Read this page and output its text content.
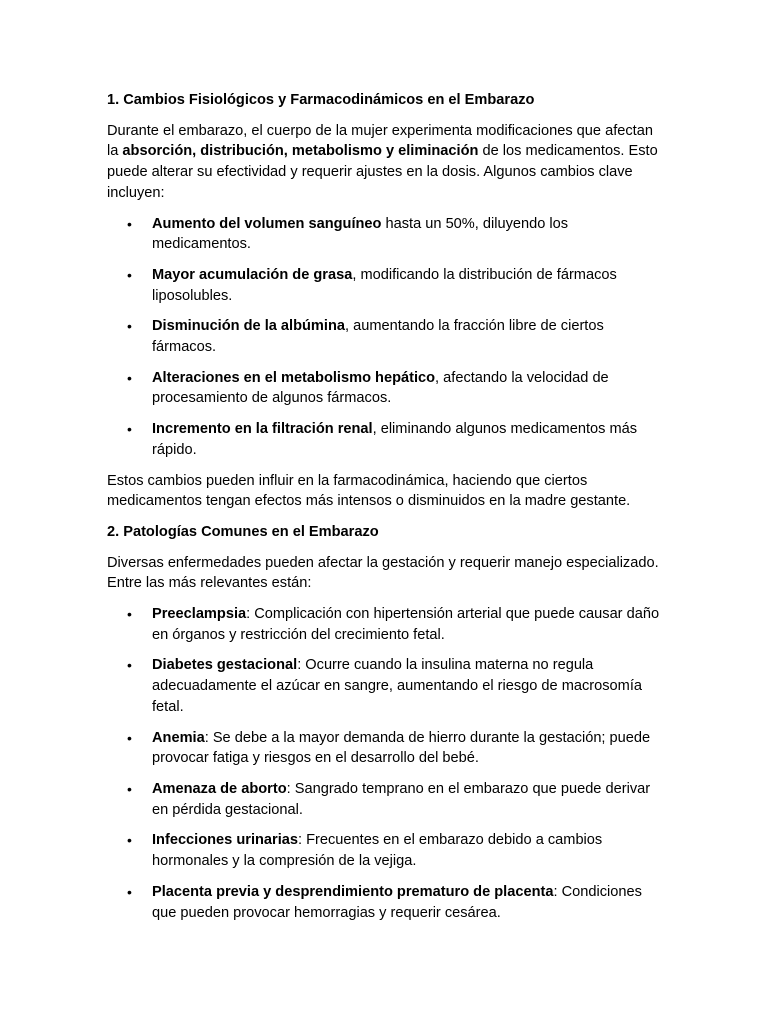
1. Cambios Fisiológicos y Farmacodinámicos en el Embarazo

Durante el embarazo, el cuerpo de la mujer experimenta modificaciones que afectan la absorción, distribución, metabolismo y eliminación de los medicamentos. Esto puede alterar su efectividad y requerir ajustes en la dosis. Algunos cambios clave incluyen:

• Aumento del volumen sanguíneo hasta un 50%, diluyendo los medicamentos.
• Mayor acumulación de grasa, modificando la distribución de fármacos liposolubles.
• Disminución de la albúmina, aumentando la fracción libre de ciertos fármacos.
• Alteraciones en el metabolismo hepático, afectando la velocidad de procesamiento de algunos fármacos.
• Incremento en la filtración renal, eliminando algunos medicamentos más rápido.

Estos cambios pueden influir en la farmacodinámica, haciendo que ciertos medicamentos tengan efectos más intensos o disminuidos en la madre gestante.

2. Patologías Comunes en el Embarazo

Diversas enfermedades pueden afectar la gestación y requerir manejo especializado. Entre las más relevantes están:

• Preeclampsia: Complicación con hipertensión arterial que puede causar daño en órganos y restricción del crecimiento fetal.
• Diabetes gestacional: Ocurre cuando la insulina materna no regula adecuadamente el azúcar en sangre, aumentando el riesgo de macrosomía fetal.
• Anemia: Se debe a la mayor demanda de hierro durante la gestación; puede provocar fatiga y riesgos en el desarrollo del bebé.
• Amenaza de aborto: Sangrado temprano en el embarazo que puede derivar en pérdida gestacional.
• Infecciones urinarias: Frecuentes en el embarazo debido a cambios hormonales y la compresión de la vejiga.
• Placenta previa y desprendimiento prematuro de placenta: Condiciones que pueden provocar hemorragias y requerir cesárea.
